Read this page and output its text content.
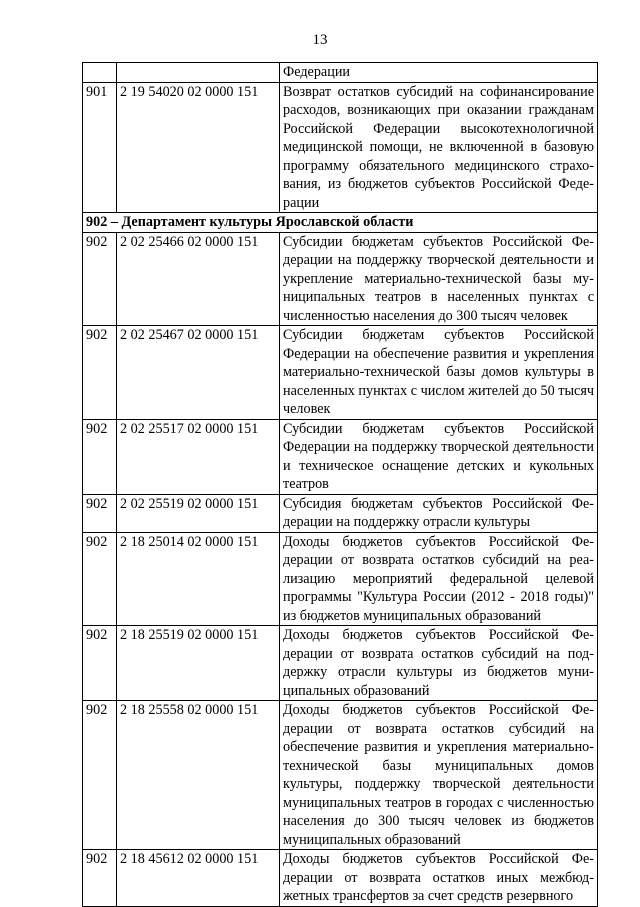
13
		Федерации
901	2 19 54020 02 0000 151	Возврат остатков субсидий на софинансирование расходов, возникающих при оказании гражданам Российской Федерации высокотехнологичной медицинской помощи, не включенной в базовую программу обязательного медицинского страхования, из бюджетов субъектов Российской Федерации
902 – Департамент культуры Ярославской области		
902	2 02 25466 02 0000 151	Субсидии бюджетам субъектов Российской Федерации на поддержку творческой деятельности и укрепление материально-технической базы муниципальных театров в населенных пунктах с численностью населения до 300 тысяч человек
902	2 02 25467 02 0000 151	Субсидии бюджетам субъектов Российской Федерации на обеспечение развития и укрепления материально-технической базы домов культуры в населенных пунктах с числом жителей до 50 тысяч человек
902	2 02 25517 02 0000 151	Субсидии бюджетам субъектов Российской Федерации на поддержку творческой деятельности и техническое оснащение детских и кукольных театров
902	2 02 25519 02 0000 151	Субсидия бюджетам субъектов Российской Федерации на поддержку отрасли культуры
902	2 18 25014 02 0000 151	Доходы бюджетов субъектов Российской Федерации от возврата остатков субсидий на реализацию мероприятий федеральной целевой программы "Культура России (2012 - 2018 годы)" из бюджетов муниципальных образований
902	2 18 25519 02 0000 151	Доходы бюджетов субъектов Российской Федерации от возврата остатков субсидий на поддержку отрасли культуры из бюджетов муниципальных образований
902	2 18 25558 02 0000 151	Доходы бюджетов субъектов Российской Федерации от возврата остатков субсидий на обеспечение развития и укрепления материально-технической базы муниципальных домов культуры, поддержку творческой деятельности муниципальных театров в городах с численностью населения до 300 тысяч человек из бюджетов муниципальных образований
902	2 18 45612 02 0000 151	Доходы бюджетов субъектов Российской Федерации от возврата остатков иных межбюджетных трансфертов за счет средств резервного
